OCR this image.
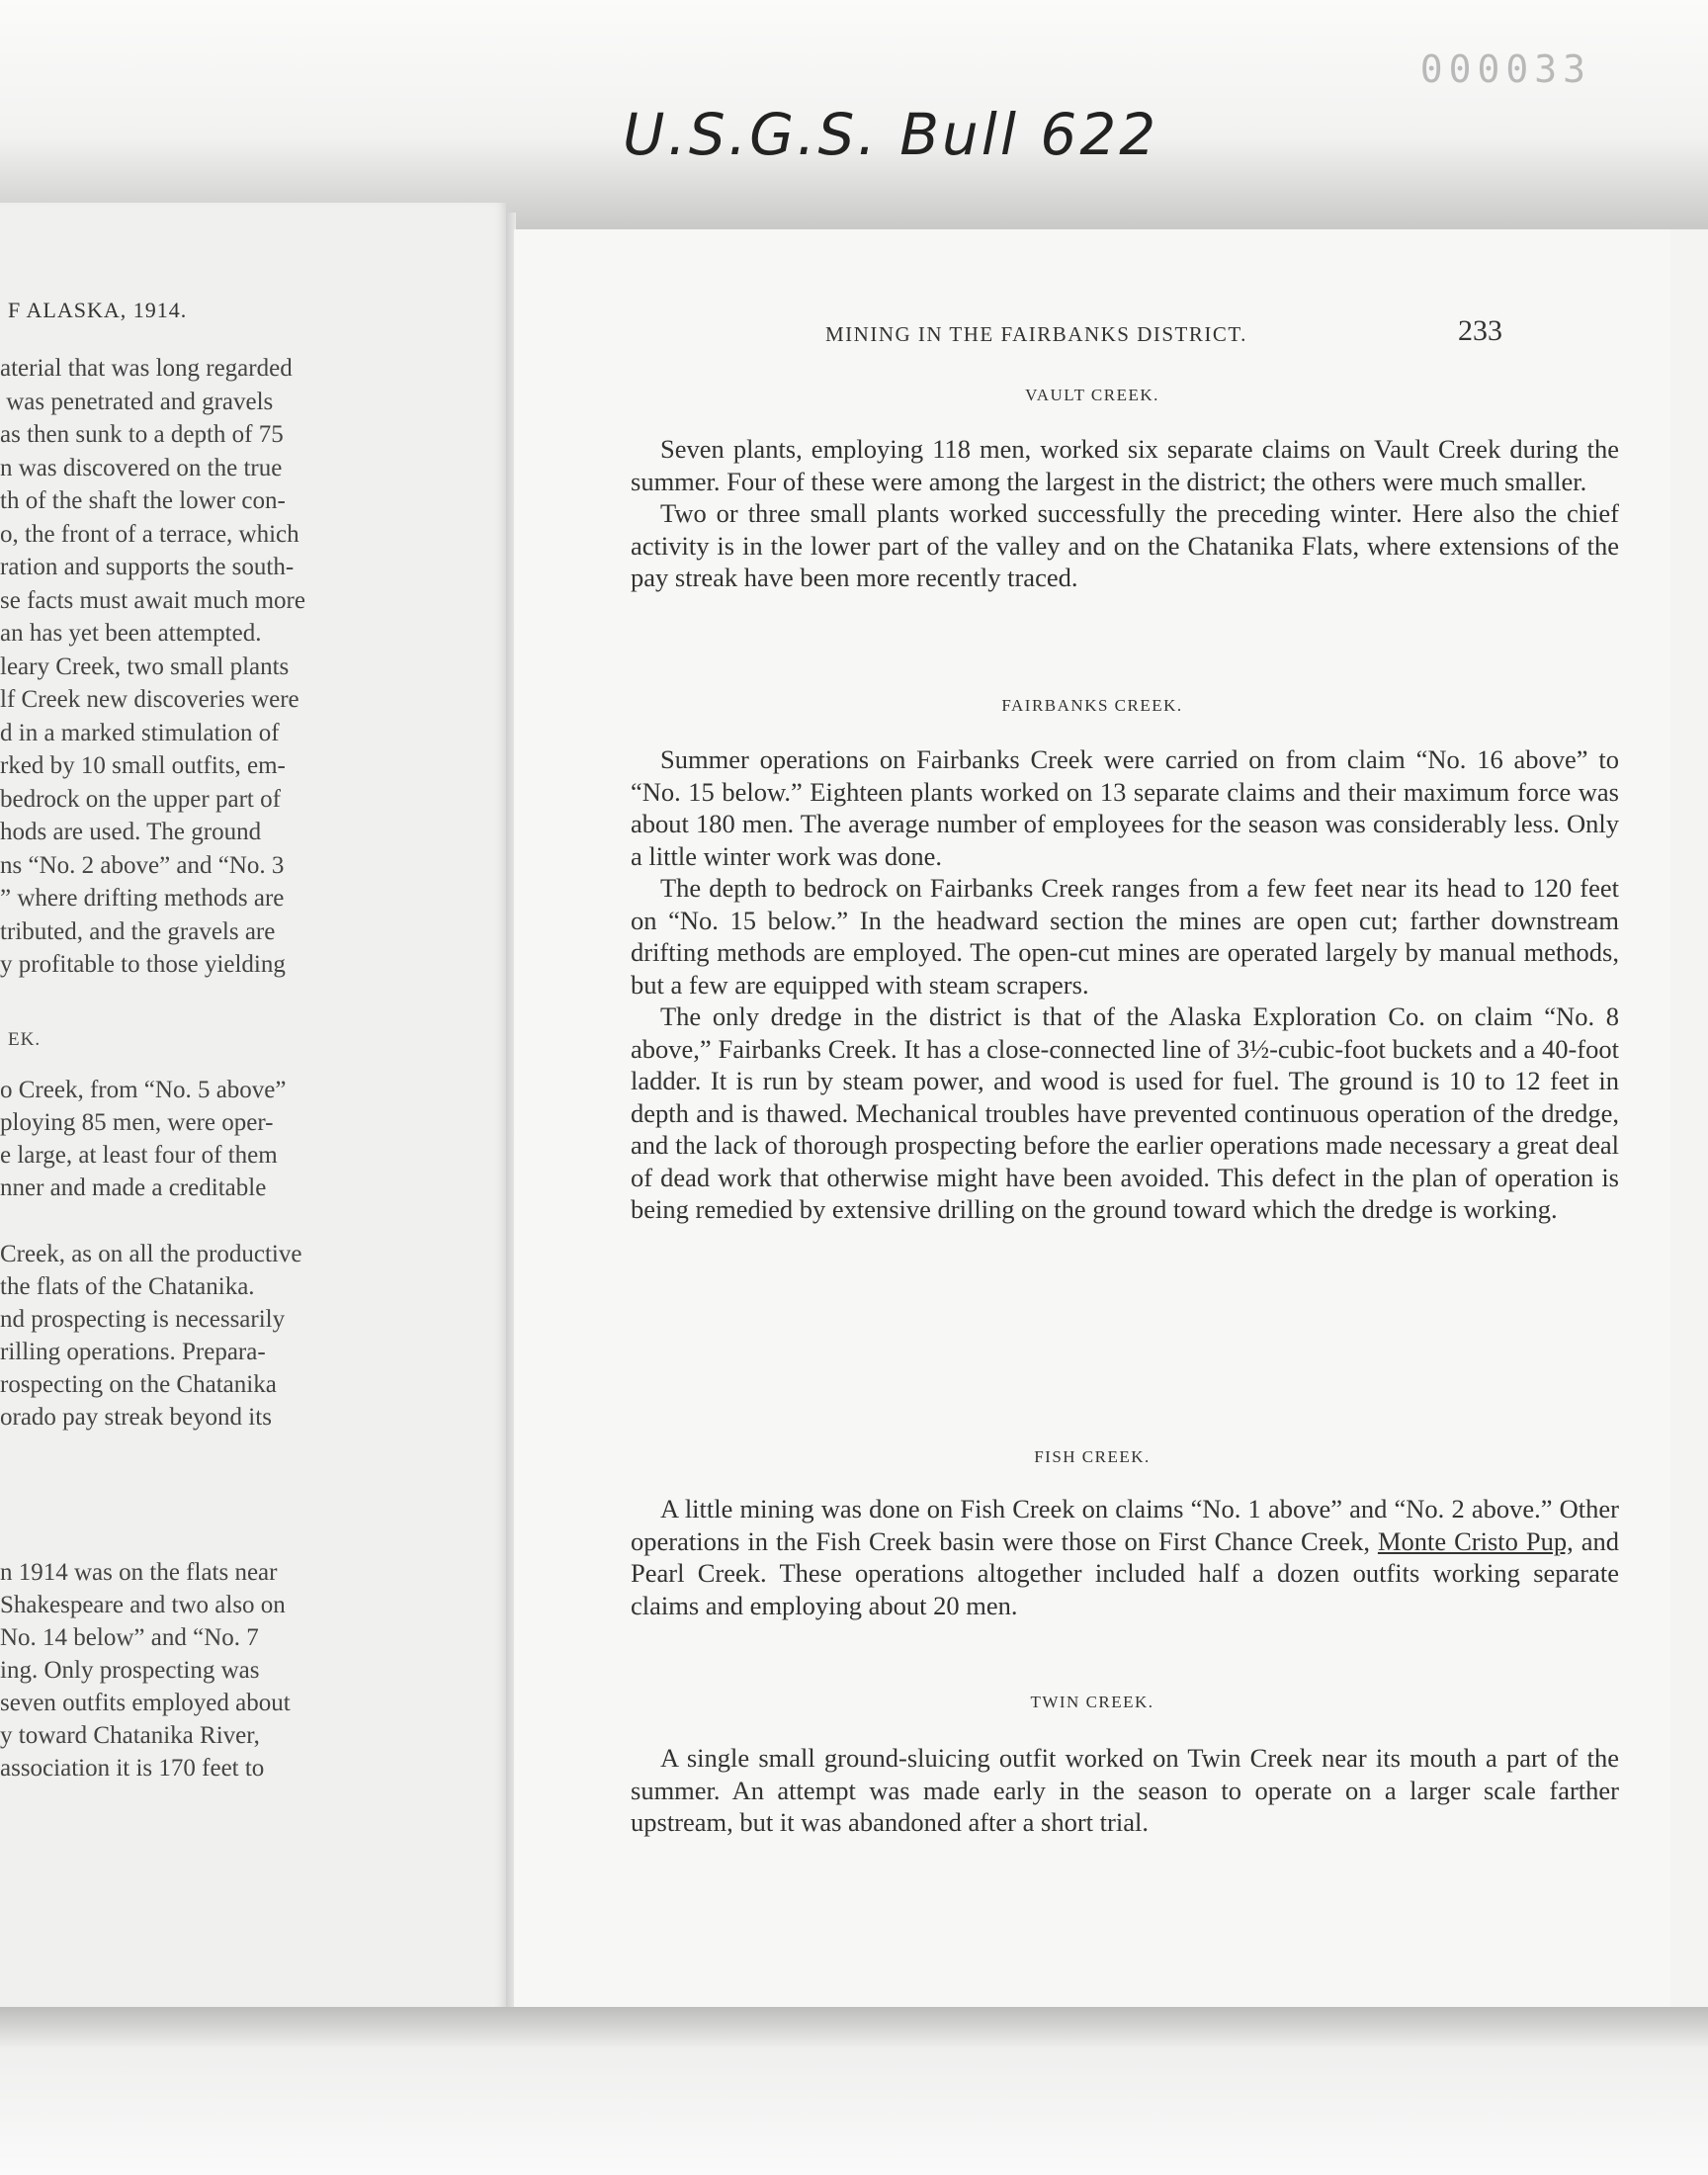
000033
U.S.G.S. Bull 622
F ALASKA, 1914.
aterial that was long regarded
was penetrated and gravels
as then sunk to a depth of 75
n was discovered on the true
th of the shaft the lower con-
o, the front of a terrace, which
ration and supports the south-
se facts must await much more
an has yet been attempted.
leary Creek, two small plants
lf Creek new discoveries were
d in a marked stimulation of
rked by 10 small outfits, em-
bedrock on the upper part of
hods are used. The ground
ns “No. 2 above” and “No. 3
” where drifting methods are
tributed, and the gravels are
y profitable to those yielding
EK.
o Creek, from “No. 5 above”
ploying 85 men, were oper-
e large, at least four of them
nner and made a creditable
Creek, as on all the productive
the flats of the Chatanika.
nd prospecting is necessarily
rilling operations. Prepara-
rospecting on the Chatanika
orado pay streak beyond its
n 1914 was on the flats near
Shakespeare and two also on
No. 14 below” and “No. 7
ing. Only prospecting was
seven outfits employed about
y toward Chatanika River,
association it is 170 feet to
MINING IN THE FAIRBANKS DISTRICT.	233
VAULT CREEK.

Seven plants, employing 118 men, worked six separate claims on Vault Creek during the summer. Four of these were among the largest in the district; the others were much smaller.

Two or three small plants worked successfully the preceding winter. Here also the chief activity is in the lower part of the valley and on the Chatanika Flats, where extensions of the pay streak have been more recently traced.

FAIRBANKS CREEK.

Summer operations on Fairbanks Creek were carried on from claim “No. 16 above” to “No. 15 below.” Eighteen plants worked on 13 separate claims and their maximum force was about 180 men. The average number of employees for the season was considerably less. Only a little winter work was done.

The depth to bedrock on Fairbanks Creek ranges from a few feet near its head to 120 feet on “No. 15 below.” In the headward section the mines are open cut; farther downstream drifting methods are employed. The open-cut mines are operated largely by manual methods, but a few are equipped with steam scrapers.

The only dredge in the district is that of the Alaska Exploration Co. on claim “No. 8 above,” Fairbanks Creek. It has a close-connected line of 3½-cubic-foot buckets and a 40-foot ladder. It is run by steam power, and wood is used for fuel. The ground is 10 to 12 feet in depth and is thawed. Mechanical troubles have prevented continuous operation of the dredge, and the lack of thorough prospecting before the earlier operations made necessary a great deal of dead work that otherwise might have been avoided. This defect in the plan of operation is being remedied by extensive drilling on the ground toward which the dredge is working.

FISH CREEK.

A little mining was done on Fish Creek on claims “No. 1 above” and “No. 2 above.” Other operations in the Fish Creek basin were those on First Chance Creek, Monte Cristo Pup, and Pearl Creek. These operations altogether included half a dozen outfits working separate claims and employing about 20 men.

TWIN CREEK.

A single small ground-sluicing outfit worked on Twin Creek near its mouth a part of the summer. An attempt was made early in the season to operate on a larger scale farther upstream, but it was abandoned after a short trial.
